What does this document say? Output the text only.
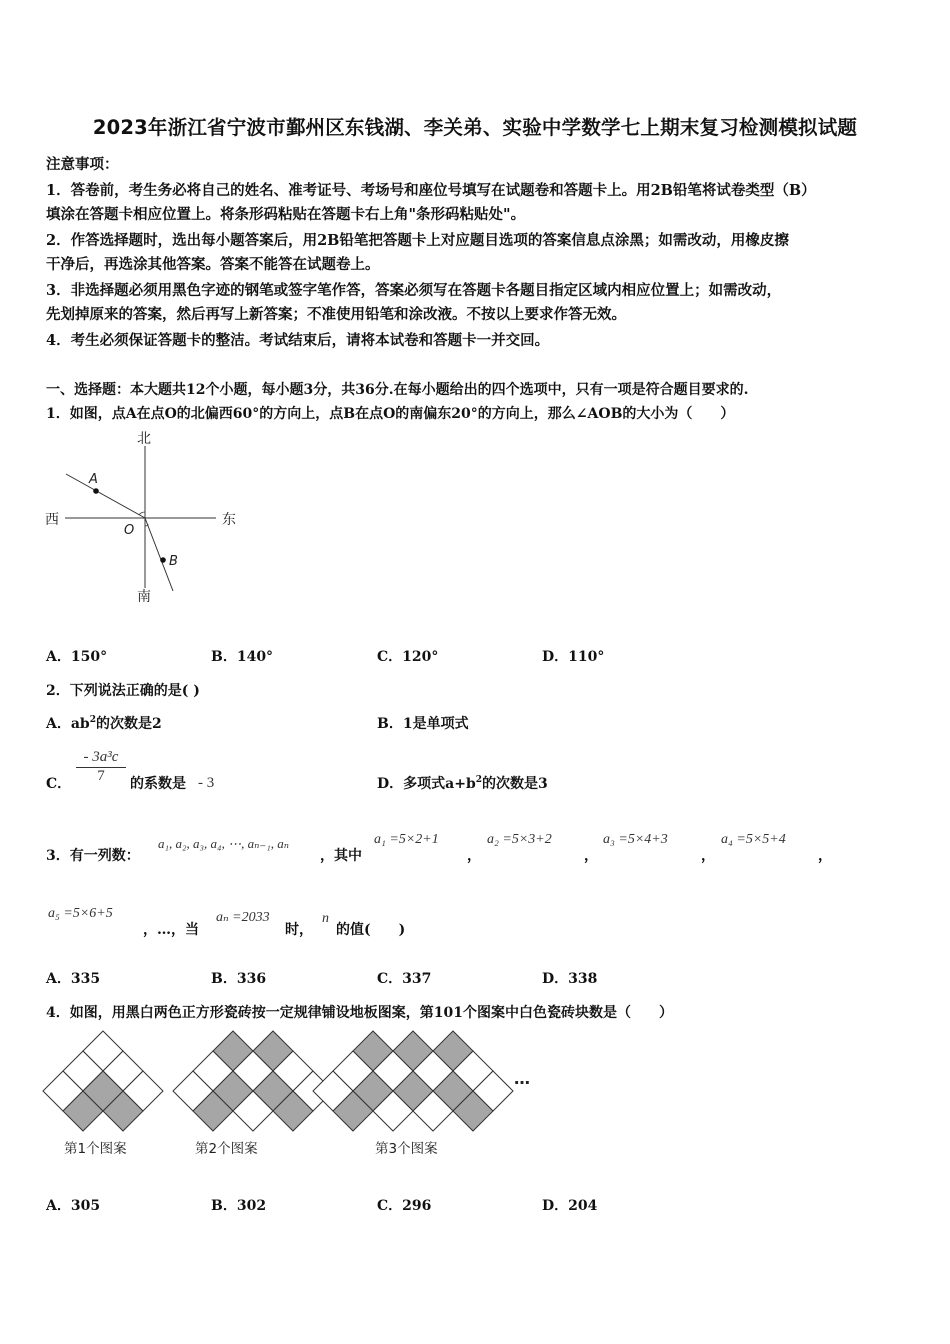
2023年浙江省宁波市鄞州区东钱湖、李关弟、实验中学数学七上期末复习检测模拟试题
注意事项：
1．答卷前，考生务必将自己的姓名、准考证号、考场号和座位号填写在试题卷和答题卡上。用2B铅笔将试卷类型（B）
填涂在答题卡相应位置上。将条形码粘贴在答题卡右上角"条形码粘贴处"。
2．作答选择题时，选出每小题答案后，用2B铅笔把答题卡上对应题目选项的答案信息点涂黑；如需改动，用橡皮擦
干净后，再选涂其他答案。答案不能答在试题卷上。
3．非选择题必须用黑色字迹的钢笔或签字笔作答，答案必须写在答题卡各题目指定区域内相应位置上；如需改动，
先划掉原来的答案，然后再写上新答案；不准使用铅笔和涂改液。不按以上要求作答无效。
4．考生必须保证答题卡的整洁。考试结束后，请将本试卷和答题卡一并交回。
一、选择题：本大题共12个小题，每小题3分，共36分.在每小题给出的四个选项中，只有一项是符合题目要求的.
1．如图，点A在点O的北偏西60°的方向上，点B在点O的南偏东20°的方向上，那么∠AOB的大小为（　　）
北
南
西	东
A
O
B
A．150°	B．140°	C．120°	D．110°
2．下列说法正确的是( )
A．$ab^2$的次数是2	B．1是单项式
C． $\frac{\text{- 3a³c}}{7}$ 的系数是 - 3	D．多项式$a+b^2$的次数是3
3．有一列数：
a₁, a₂, a₃, a₄, ⋯, aₙ₋₁, aₙ
，其中
a₁ =5×2+1
，
a₂ =5×3+2
，
a₃ =5×4+3
，
a₄ =5×5+4
，
a₅ =5×6+5
，…，当
aₙ =2033
时，
n
的值(　　)
A．335	B．336	C．337	D．338
4．如图，用黑白两色正方形瓷砖按一定规律铺设地板图案，第101个图案中白色瓷砖块数是（　　）
…
第1个图案	第2个图案	第3个图案
A．305	B．302	C．296	D．204
